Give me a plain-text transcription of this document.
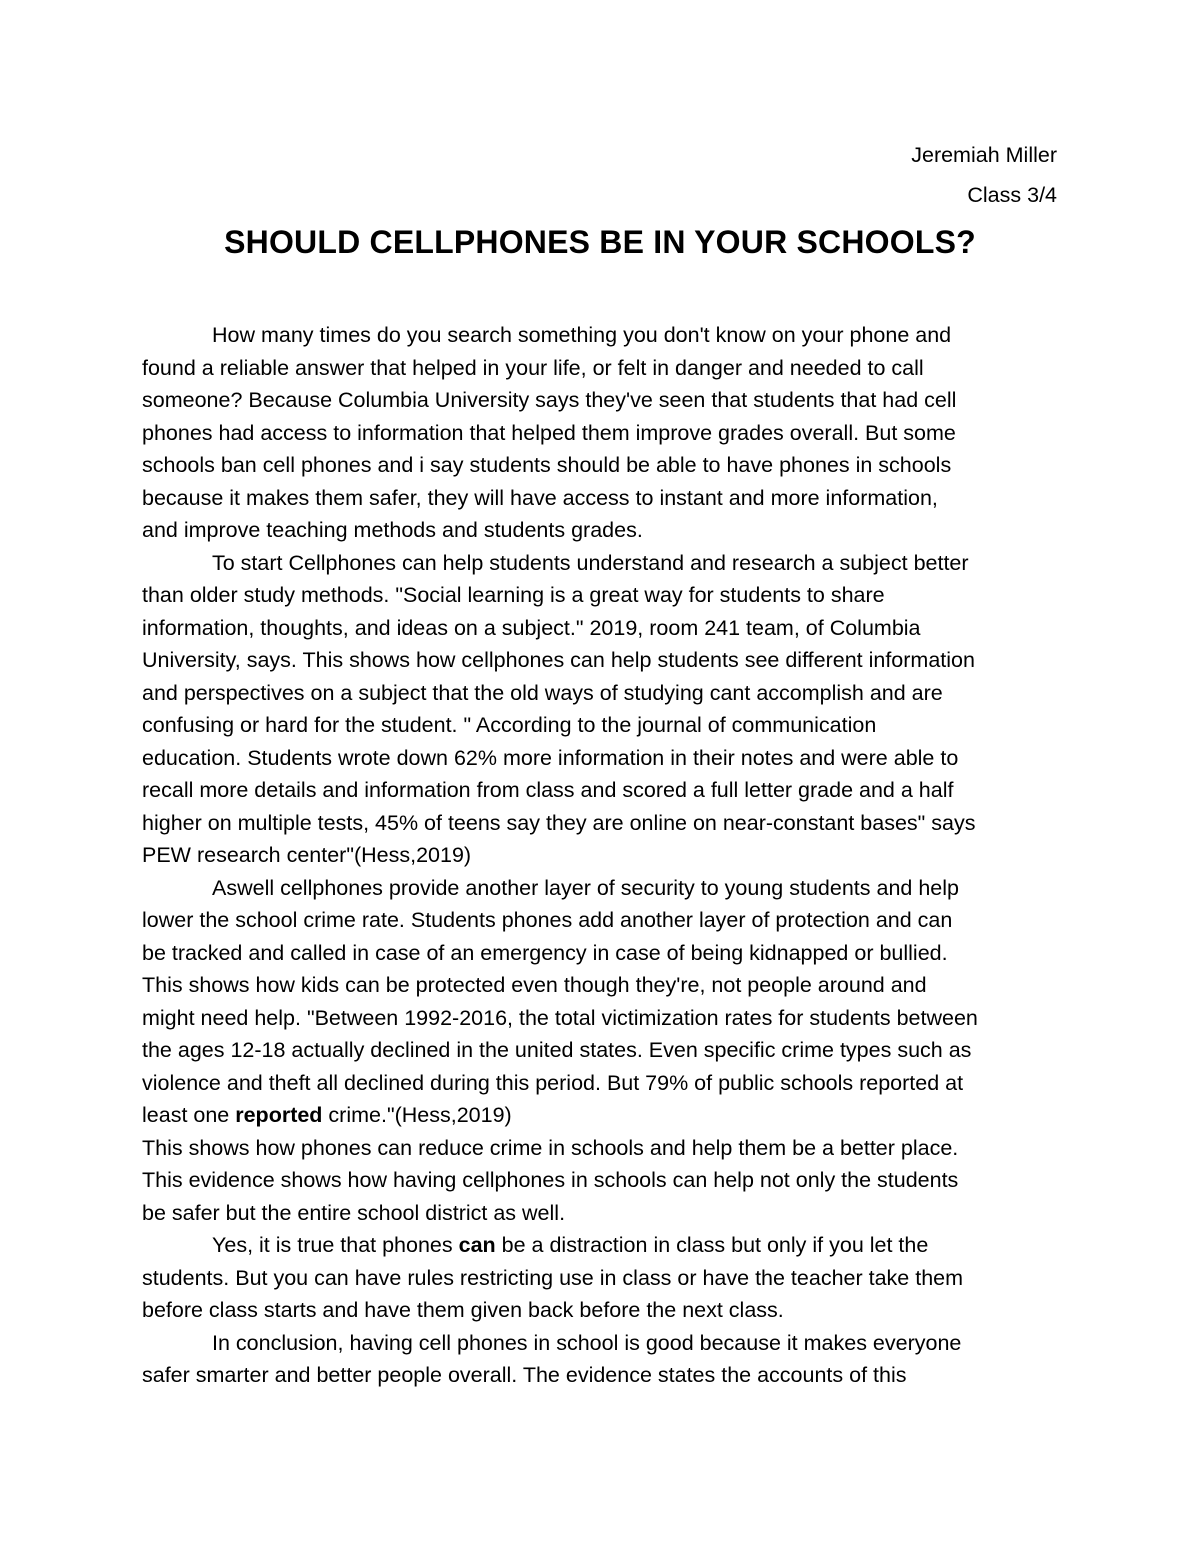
Jeremiah Miller
Class 3/4
SHOULD CELLPHONES BE IN YOUR SCHOOLS?
How many times do you search something you don't know on your phone and
found a reliable answer that helped in your life, or felt in danger and needed to call
someone? Because Columbia University says they've seen that students that had cell
phones had access to information that helped them improve grades overall. But some
schools ban cell phones and i say students should be able to have phones in schools
because it makes them safer, they will have access to instant and more information,
and improve teaching methods and students grades.
To start Cellphones can help students understand and research a subject better
than older study methods. "Social learning is a great way for students to share
information, thoughts, and ideas on a subject." 2019, room 241 team, of Columbia
University, says. This shows how cellphones can help students see different information
and perspectives on a subject that the old ways of studying cant accomplish and are
confusing or hard for the student. " According to the journal of communication
education. Students wrote down 62% more information in their notes and were able to
recall more details and information from class and scored a full letter grade and a half
higher on multiple tests, 45% of teens say they are online on near-constant bases" says
PEW research center"(Hess,2019)
Aswell cellphones provide another layer of security to young students and help
lower the school crime rate. Students phones add another layer of protection and can
be tracked and called in case of an emergency in case of being kidnapped or bullied.
This shows how kids can be protected even though they're, not people around and
might need help. "Between 1992-2016, the total victimization rates for students between
the ages 12-18 actually declined in the united states. Even specific crime types such as
violence and theft all declined during this period. But 79% of public schools reported at
least one reported crime."(Hess,2019)
This shows how phones can reduce crime in schools and help them be a better place.
This evidence shows how having cellphones in schools can help not only the students
be safer but the entire school district as well.
Yes, it is true that phones can be a distraction in class but only if you let the
students. But you can have rules restricting use in class or have the teacher take them
before class starts and have them given back before the next class.
In conclusion, having cell phones in school is good because it makes everyone
safer smarter and better people overall. The evidence states the accounts of this
